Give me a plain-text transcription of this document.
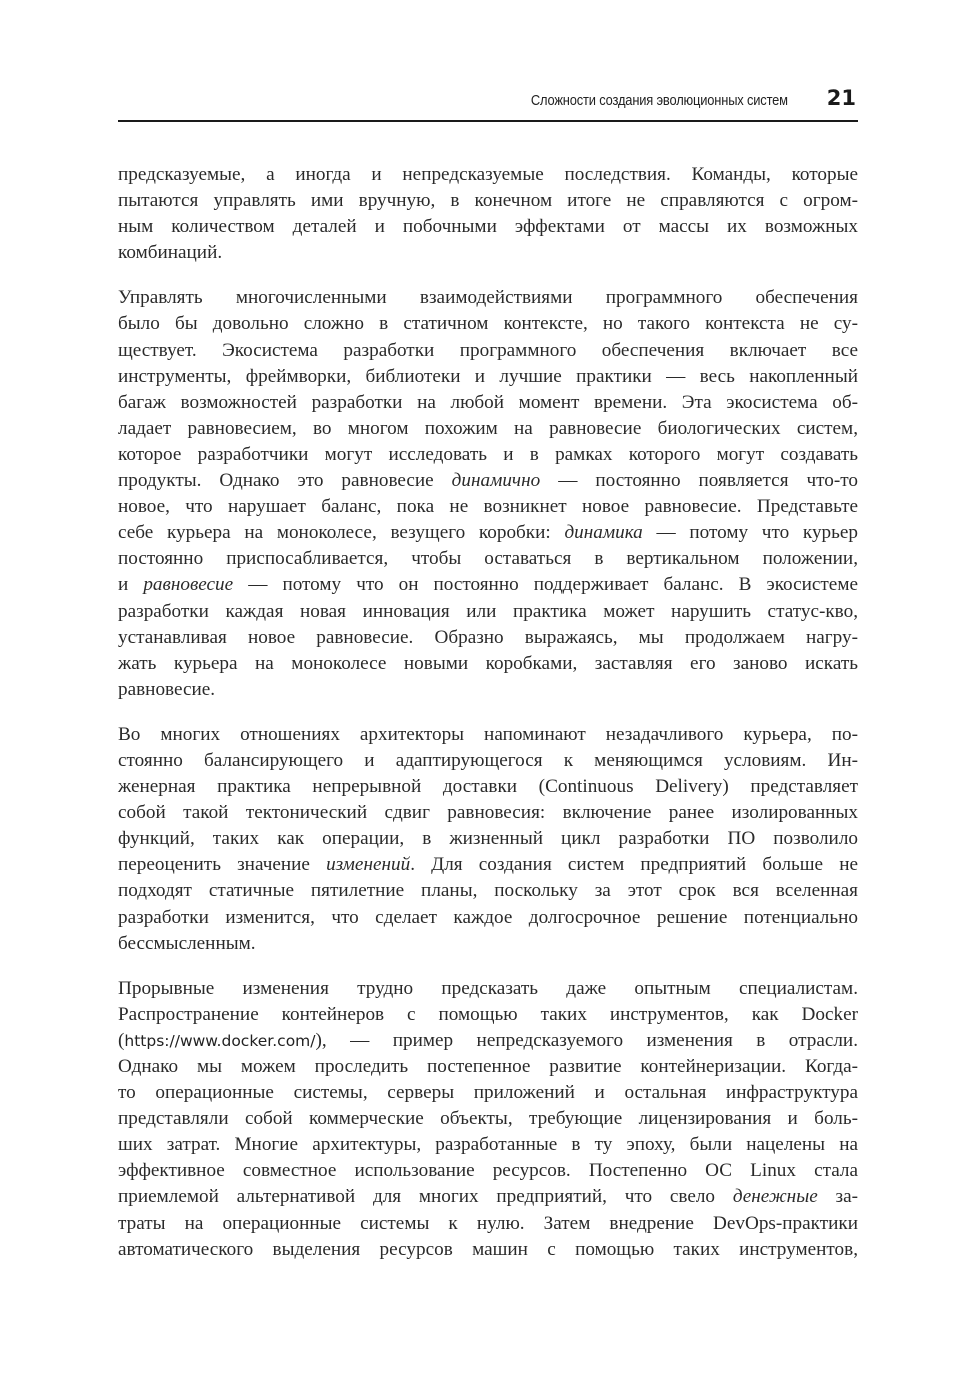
Сложности создания эволюционных систем 21
предсказуемые, а иногда и непредсказуемые последствия. Команды, которые
пытаются управлять ими вручную, в конечном итоге не справляются с огром-
ным количеством деталей и побочными эффектами от массы их возможных
комбинаций.
Управлять многочисленными взаимодействиями программного обеспечения
было бы довольно сложно в статичном контексте, но такого контекста не су-
ществует. Экосистема разработки программного обеспечения включает все
инструменты, фреймворки, библиотеки и лучшие практики — весь накопленный
багаж возможностей разработки на любой момент времени. Эта экосистема об-
ладает равновесием, во многом похожим на равновесие биологических систем,
которое разработчики могут исследовать и в рамках которого могут создавать
продукты. Однако это равновесие динамично — постоянно появляется что-то
новое, что нарушает баланс, пока не возникнет новое равновесие. Представьте
себе курьера на моноколесе, везущего коробки: динамика — потому что курьер
постоянно приспосабливается, чтобы оставаться в вертикальном положении,
и равновесие — потому что он постоянно поддерживает баланс. В экосистеме
разработки каждая новая инновация или практика может нарушить статус-кво,
устанавливая новое равновесие. Образно выражаясь, мы продолжаем нагру-
жать курьера на моноколесе новыми коробками, заставляя его заново искать
равновесие.
Во многих отношениях архитекторы напоминают незадачливого курьера, по-
стоянно балансирующего и адаптирующегося к меняющимся условиям. Ин-
женерная практика непрерывной доставки (Continuous Delivery) представляет
собой такой тектонический сдвиг равновесия: включение ранее изолированных
функций, таких как операции, в жизненный цикл разработки ПО позволило
переоценить значение изменений. Для создания систем предприятий больше не
подходят статичные пятилетние планы, поскольку за этот срок вся вселенная
разработки изменится, что сделает каждое долгосрочное решение потенциально
бессмысленным.
Прорывные изменения трудно предсказать даже опытным специалистам.
Распространение контейнеров с помощью таких инструментов, как Docker
(https://www.docker.com/), — пример непредсказуемого изменения в отрасли.
Однако мы можем проследить постепенное развитие контейнеризации. Когда-
то операционные системы, серверы приложений и остальная инфраструктура
представляли собой коммерческие объекты, требующие лицензирования и боль-
ших затрат. Многие архитектуры, разработанные в ту эпоху, были нацелены на
эффективное совместное использование ресурсов. Постепенно ОС Linux стала
приемлемой альтернативой для многих предприятий, что свело денежные за-
траты на операционные системы к нулю. Затем внедрение DevOps-практики
автоматического выделения ресурсов машин с помощью таких инструментов,
